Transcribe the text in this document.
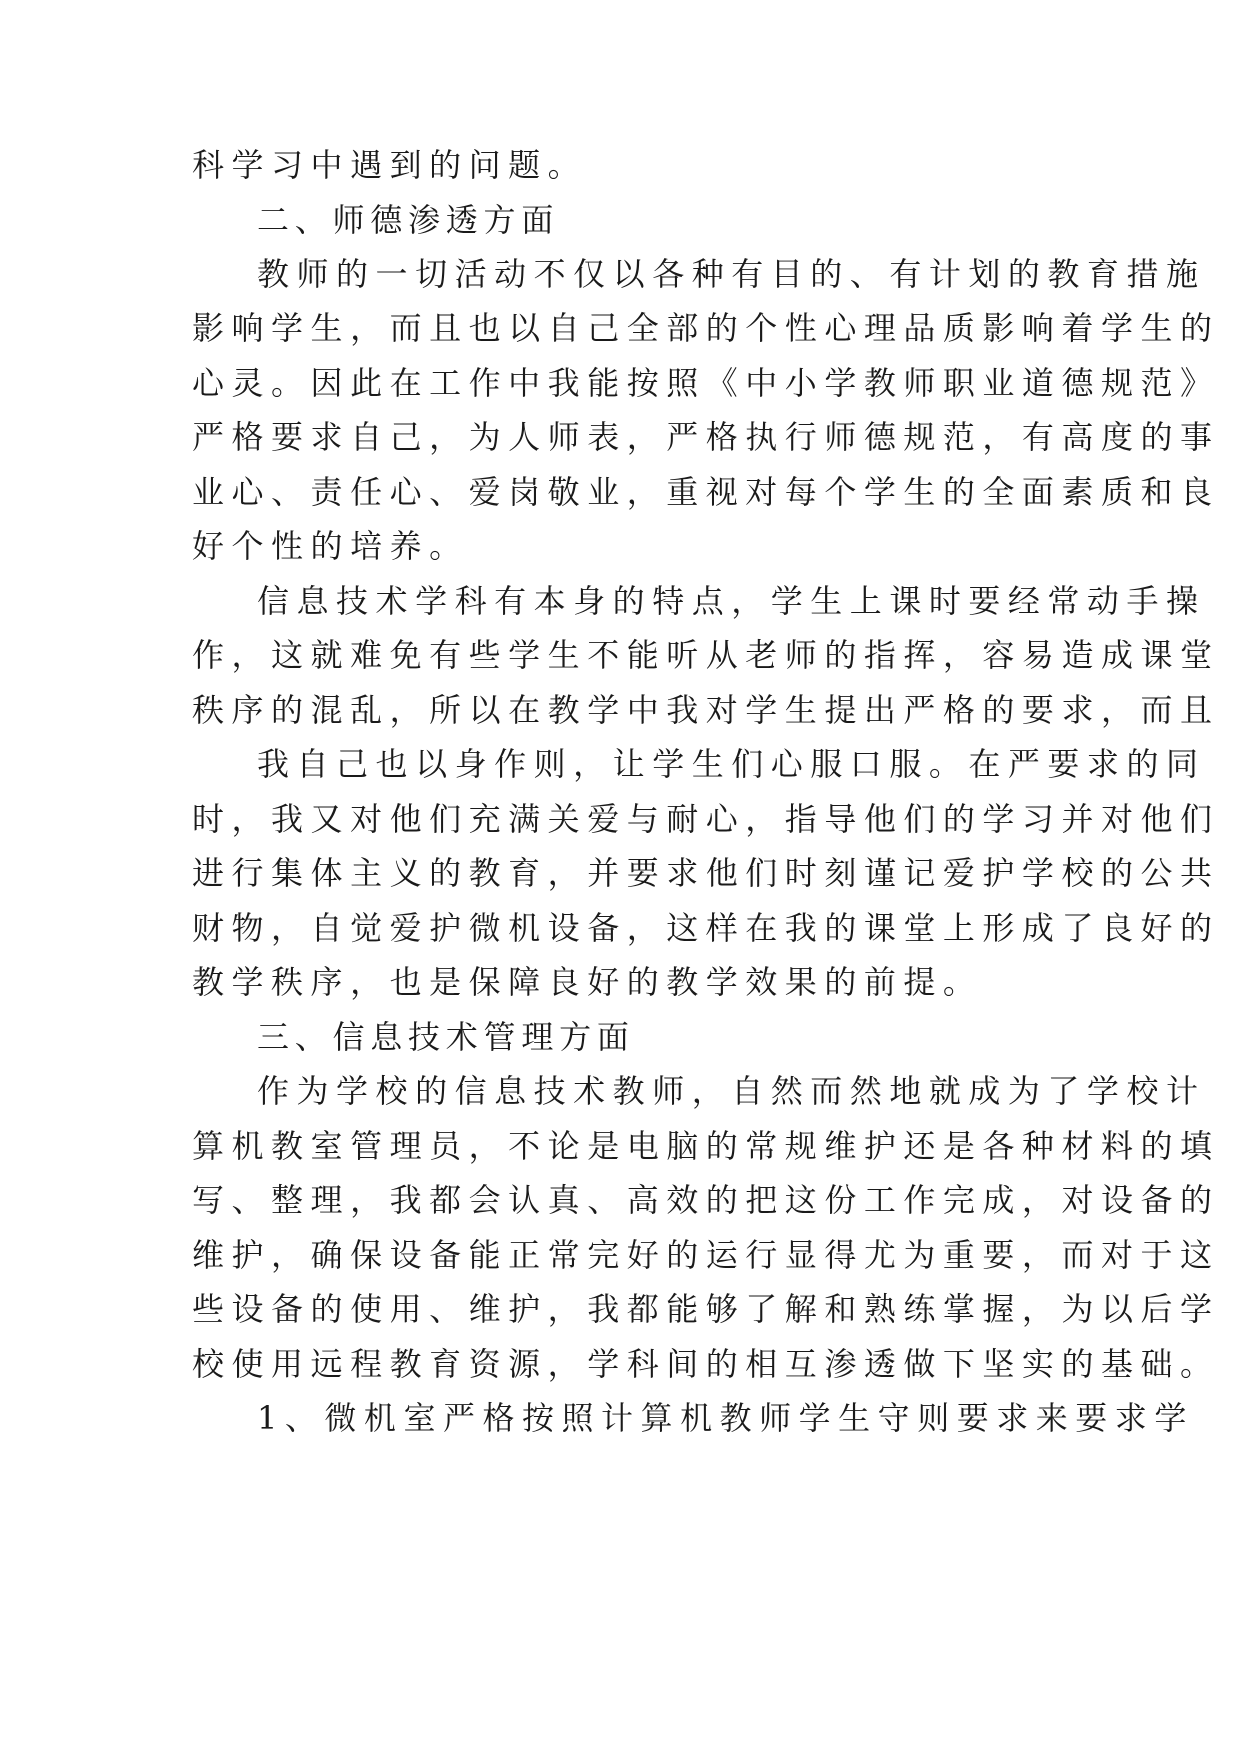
科学习中遇到的问题。
二、师德渗透方面
教师的一切活动不仅以各种有目的、有计划的教育措施
影响学生，而且也以自己全部的个性心理品质影响着学生的
心灵。因此在工作中我能按照《中小学教师职业道德规范》
严格要求自己，为人师表，严格执行师德规范，有高度的事
业心、责任心、爱岗敬业，重视对每个学生的全面素质和良
好个性的培养。
信息技术学科有本身的特点，学生上课时要经常动手操
作，这就难免有些学生不能听从老师的指挥，容易造成课堂
秩序的混乱，所以在教学中我对学生提出严格的要求，而且
我自己也以身作则，让学生们心服口服。在严要求的同
时，我又对他们充满关爱与耐心，指导他们的学习并对他们
进行集体主义的教育，并要求他们时刻谨记爱护学校的公共
财物，自觉爱护微机设备，这样在我的课堂上形成了良好的
教学秩序，也是保障良好的教学效果的前提。
三、信息技术管理方面
作为学校的信息技术教师，自然而然地就成为了学校计
算机教室管理员，不论是电脑的常规维护还是各种材料的填
写、整理，我都会认真、高效的把这份工作完成，对设备的
维护，确保设备能正常完好的运行显得尤为重要，而对于这
些设备的使用、维护，我都能够了解和熟练掌握，为以后学
校使用远程教育资源，学科间的相互渗透做下坚实的基础。
1、微机室严格按照计算机教师学生守则要求来要求学
